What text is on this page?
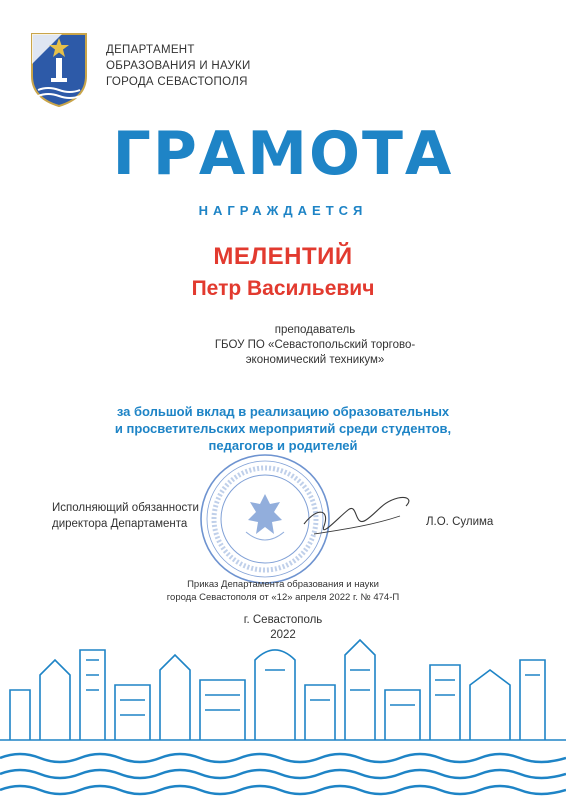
ДЕПАРТАМЕНТ
ОБРАЗОВАНИЯ И НАУКИ
ГОРОДА СЕВАСТОПОЛЯ
ГРАМОТА
НАГРАЖДАЕТСЯ
МЕЛЕНТИЙ
Петр Васильевич
преподаватель
ГБОУ ПО «Севастопольский торгово-
экономический техникум»
за большой вклад в реализацию образовательных
и просветительских мероприятий среди студентов,
педагогов и родителей
Исполняющий обязанности
директора Департамента	Л.О. Сулима
Приказ Департамента образования и науки
города Севастополя от «12» апреля 2022 г. № 474-П
г. Севастополь
2022
